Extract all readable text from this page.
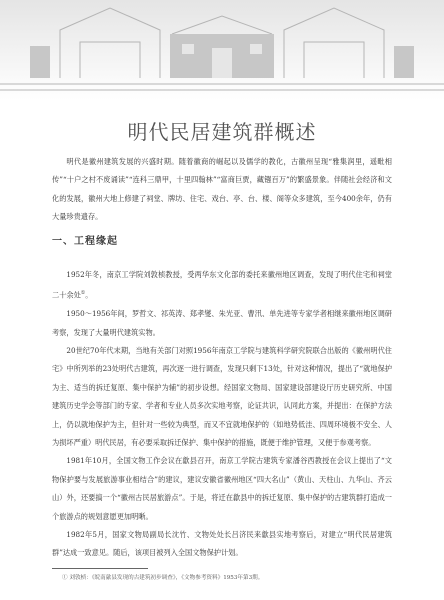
明代民居建筑群概述

明代是徽州建筑发展的兴盛时期。随着徽商的崛起以及儒学的教化，古徽州呈现“雅集润里，遥毗相传”“十户之村不废诵读”“连科三鼎甲，十里四翰林”“富商巨贾，藏镪百万”的繁盛景象。伴随社会经济和文化的发展，徽州大地上修建了祠堂、牌坊、住宅、戏台、亭、台、楼、阁等众多建筑，至今400余年，仍有大量珍贵遗存。

一、工程缘起

1952年冬，南京工学院刘敦桢教授，受两华东文化部的委托来徽州地区调查，发现了明代住宅和祠堂二十余处①。

1950～1956年间，罗哲文、祁英涛、郑孝燮、朱光亚、曹汛、单先进等专家学者相继来徽州地区调研考察，发现了大量明代建筑实物。

20世纪70年代末期，当地有关部门对照1956年南京工学院与建筑科学研究院联合出版的《徽州明代住宅》中所列举的23处明代古建筑，再次逐一进行调查，发现只剩下13处，针对这种情况，提出了“就地保护为主、适当的拆迁复原、集中保护为辅”的初步设想。经国家文物局、国家建设部建设厅历史研究所、中国建筑历史学会等部门的专家、学者和专业人员多次实地考察，论证共识，认同此方案，并提出：在保护方法上，仍以就地保护为主，但针对一些较为典型，而又不宜就地保护的（如地势低洼、四周环境极不安全、人为损坏严重）明代民居，有必要采取拆迁保护、集中保护的措施，既便于维护管理，又便于参观考察。

1981年10月，全国文物工作会议在歙县召开，南京工学院古建筑专家潘谷西教授在会议上提出了“文物保护要与发展旅游事业相结合”的建议，建议安徽省徽州地区“四大名山”（黄山、天柱山、九华山、齐云山）外，还要搞一个“徽州古民居旅游点”。于是，将迁在歙县中的拆迁复原、集中保护的古建筑群打造成一个旅游点的规划意愿更加明晰。

1982年5月，国家文物局副局长沈竹、文物处处长吕济民来歙县实地考察后，对建立“明代民居建筑群”达成一致意见。随后，该项目被列入全国文物保护计划。

① 刘敦桢：《皖南歙县发现的古建筑初步调查》，《文物参考资料》1953年第3期。
